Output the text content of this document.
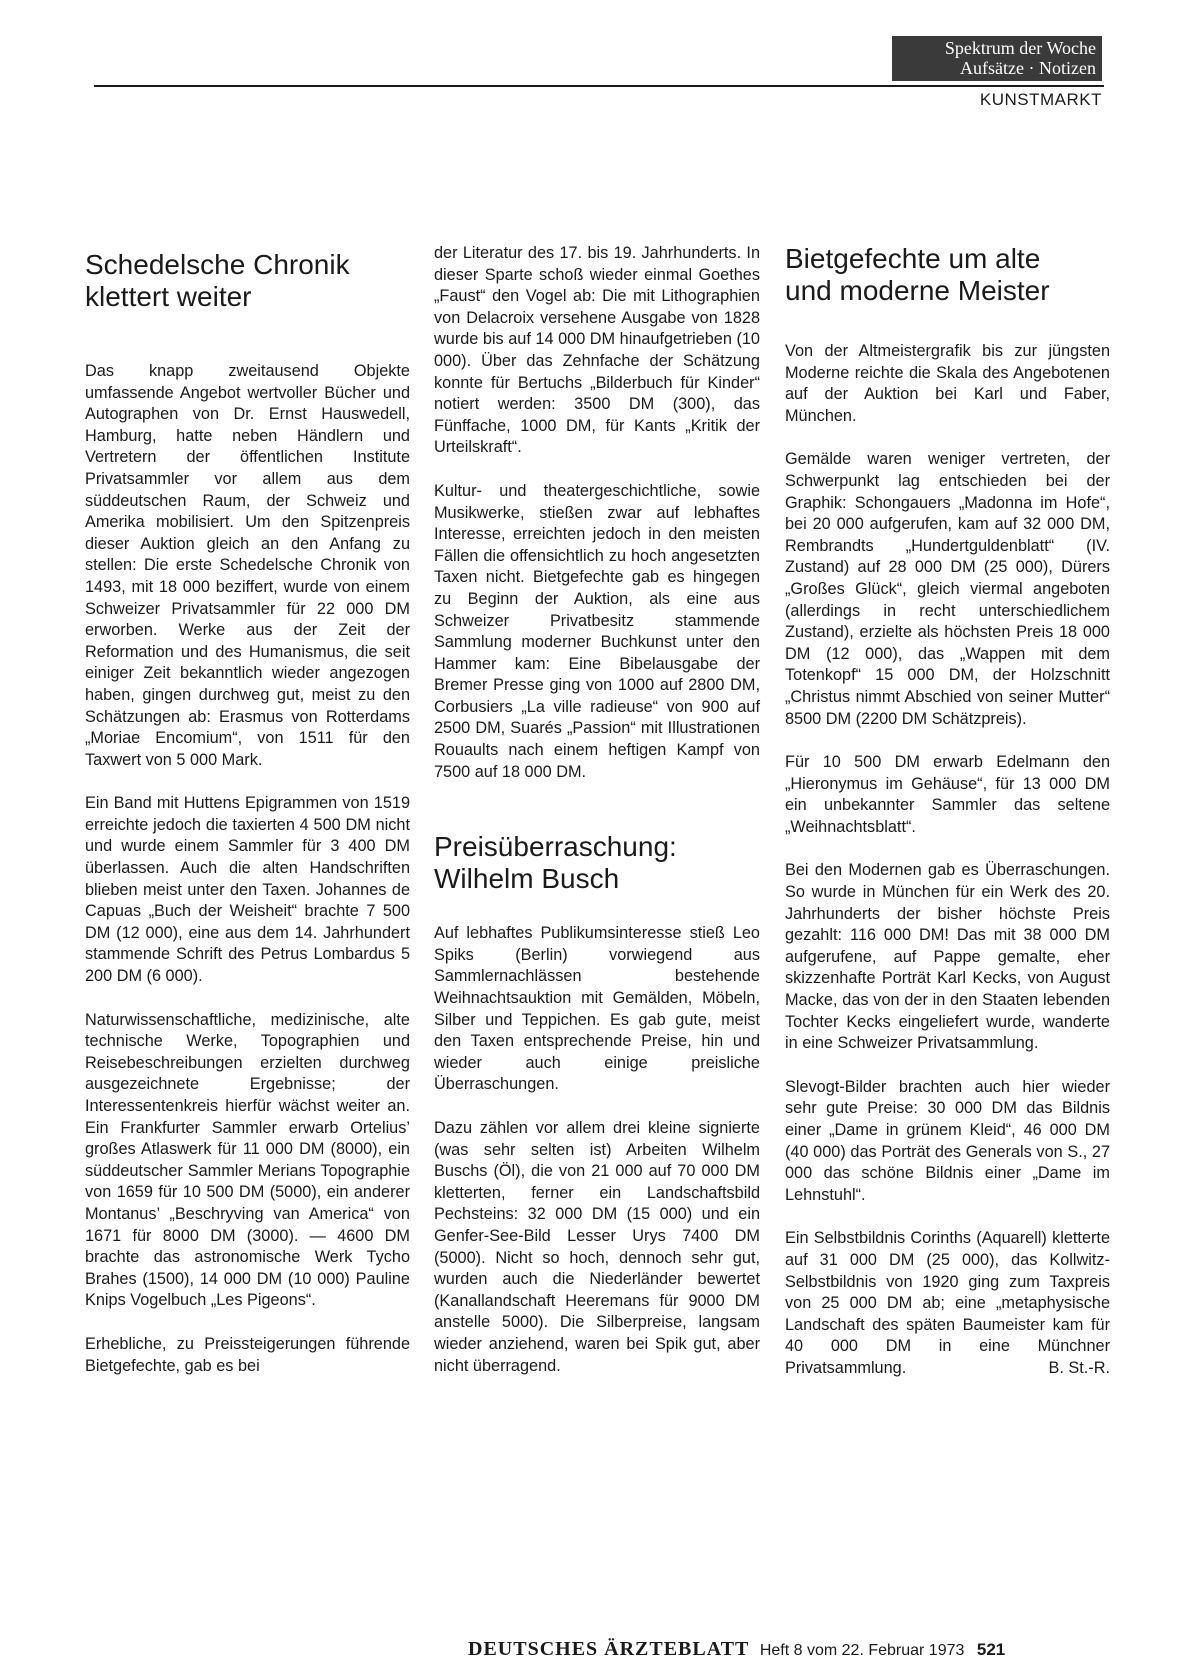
Spektrum der Woche
Aufsätze · Notizen
KUNSTMARKT
Schedelsche Chronik
klettert weiter

Das knapp zweitausend Objekte umfassende Angebot wertvoller Bücher und Autographen von Dr. Ernst Hauswedell, Hamburg, hatte neben Händlern und Vertretern der öffentlichen Institute Privatsammler vor allem aus dem süddeutschen Raum, der Schweiz und Amerika mobilisiert. Um den Spitzenpreis dieser Auktion gleich an den Anfang zu stellen: Die erste Schedelsche Chronik von 1493, mit 18 000 beziffert, wurde von einem Schweizer Privatsammler für 22 000 DM erworben. Werke aus der Zeit der Reformation und des Humanismus, die seit einiger Zeit bekanntlich wieder angezogen haben, gingen durchweg gut, meist zu den Schätzungen ab: Erasmus von Rotterdams „Moriae Encomium“, von 1511 für den Taxwert von 5 000 Mark.

Ein Band mit Huttens Epigrammen von 1519 erreichte jedoch die taxierten 4 500 DM nicht und wurde einem Sammler für 3 400 DM überlassen. Auch die alten Handschriften blieben meist unter den Taxen. Johannes de Capuas „Buch der Weisheit“ brachte 7 500 DM (12 000), eine aus dem 14. Jahrhundert stammende Schrift des Petrus Lombardus 5 200 DM (6 000).

Naturwissenschaftliche, medizinische, alte technische Werke, Topographien und Reisebeschreibungen erzielten durchweg ausgezeichnete Ergebnisse; der Interessentenkreis hierfür wächst weiter an. Ein Frankfurter Sammler erwarb Ortelius’ großes Atlaswerk für 11 000 DM (8000), ein süddeutscher Sammler Merians Topographie von 1659 für 10 500 DM (5000), ein anderer Montanus’ „Beschryving van America“ von 1671 für 8000 DM (3000). — 4600 DM brachte das astronomische Werk Tycho Brahes (1500), 14 000 DM (10 000) Pauline Knips Vogelbuch „Les Pigeons“.

Erhebliche, zu Preissteigerungen führende Bietgefechte, gab es bei

der Literatur des 17. bis 19. Jahrhunderts. In dieser Sparte schoß wieder einmal Goethes „Faust“ den Vogel ab: Die mit Lithographien von Delacroix versehene Ausgabe von 1828 wurde bis auf 14 000 DM hinaufgetrieben (10 000). Über das Zehnfache der Schätzung konnte für Bertuchs „Bilderbuch für Kinder“ notiert werden: 3500 DM (300), das Fünffache, 1000 DM, für Kants „Kritik der Urteilskraft“.

Kultur- und theatergeschichtliche, sowie Musikwerke, stießen zwar auf lebhaftes Interesse, erreichten jedoch in den meisten Fällen die offensichtlich zu hoch angesetzten Taxen nicht. Bietgefechte gab es hingegen zu Beginn der Auktion, als eine aus Schweizer Privatbesitz stammende Sammlung moderner Buchkunst unter den Hammer kam: Eine Bibelausgabe der Bremer Presse ging von 1000 auf 2800 DM, Corbusiers „La ville radieuse“ von 900 auf 2500 DM, Suarés „Passion“ mit Illustrationen Rouaults nach einem heftigen Kampf von 7500 auf 18 000 DM.

Preisüberraschung:
Wilhelm Busch

Auf lebhaftes Publikumsinteresse stieß Leo Spiks (Berlin) vorwiegend aus Sammlernachlässen bestehende Weihnachtsauktion mit Gemälden, Möbeln, Silber und Teppichen. Es gab gute, meist den Taxen entsprechende Preise, hin und wieder auch einige preisliche Überraschungen.

Dazu zählen vor allem drei kleine signierte (was sehr selten ist) Arbeiten Wilhelm Buschs (Öl), die von 21 000 auf 70 000 DM kletterten, ferner ein Landschaftsbild Pechsteins: 32 000 DM (15 000) und ein Genfer-See-Bild Lesser Urys 7400 DM (5000). Nicht so hoch, dennoch sehr gut, wurden auch die Niederländer bewertet (Kanallandschaft Heeremans für 9000 DM anstelle 5000). Die Silberpreise, langsam wieder anziehend, waren bei Spik gut, aber nicht überragend.

Bietgefechte um alte
und moderne Meister

Von der Altmeistergrafik bis zur jüngsten Moderne reichte die Skala des Angebotenen auf der Auktion bei Karl und Faber, München.

Gemälde waren weniger vertreten, der Schwerpunkt lag entschieden bei der Graphik: Schongauers „Madonna im Hofe“, bei 20 000 aufgerufen, kam auf 32 000 DM, Rembrandts „Hundertguldenblatt“ (IV. Zustand) auf 28 000 DM (25 000), Dürers „Großes Glück“, gleich viermal angeboten (allerdings in recht unterschiedlichem Zustand), erzielte als höchsten Preis 18 000 DM (12 000), das „Wappen mit dem Totenkopf“ 15 000 DM, der Holzschnitt „Christus nimmt Abschied von seiner Mutter“ 8500 DM (2200 DM Schätzpreis).

Für 10 500 DM erwarb Edelmann den „Hieronymus im Gehäuse“, für 13 000 DM ein unbekannter Sammler das seltene „Weihnachtsblatt“.

Bei den Modernen gab es Überraschungen. So wurde in München für ein Werk des 20. Jahrhunderts der bisher höchste Preis gezahlt: 116 000 DM! Das mit 38 000 DM aufgerufene, auf Pappe gemalte, eher skizzenhafte Porträt Karl Kecks, von August Macke, das von der in den Staaten lebenden Tochter Kecks eingeliefert wurde, wanderte in eine Schweizer Privatsammlung.

Slevogt-Bilder brachten auch hier wieder sehr gute Preise: 30 000 DM das Bildnis einer „Dame in grünem Kleid“, 46 000 DM (40 000) das Porträt des Generals von S., 27 000 das schöne Bildnis einer „Dame im Lehnstuhl“.

Ein Selbstbildnis Corinths (Aquarell) kletterte auf 31 000 DM (25 000), das Kollwitz-Selbstbildnis von 1920 ging zum Taxpreis von 25 000 DM ab; eine „metaphysische Landschaft des späten Baumeister kam für 40 000 DM in eine Münchner Privatsammlung.	B. St.-R.

DEUTSCHES ÄRZTEBLATT Heft 8 vom 22. Februar 1973 521
